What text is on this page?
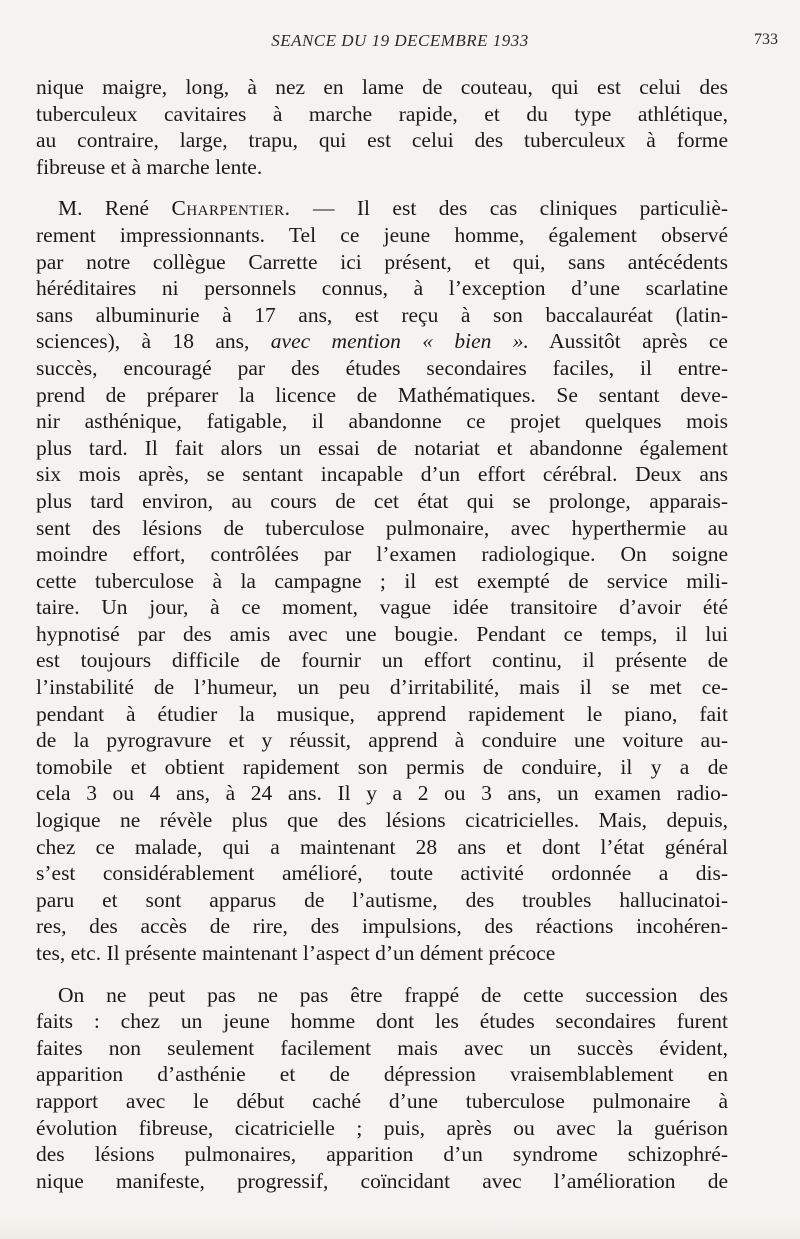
SEANCE DU 19 DECEMBRE 1933	733
nique maigre, long, à nez en lame de couteau, qui est celui des
tuberculeux cavitaires à marche rapide, et du type athlétique,
au contraire, large, trapu, qui est celui des tuberculeux à forme
fibreuse et à marche lente.
M. René Charpentier. — Il est des cas cliniques particuliè-
rement impressionnants. Tel ce jeune homme, également observé
par notre collègue Carrette ici présent, et qui, sans antécédents
héréditaires ni personnels connus, à l’exception d’une scarlatine
sans albuminurie à 17 ans, est reçu à son baccalauréat (latin-
sciences), à 18 ans, avec mention « bien ». Aussitôt après ce
succès, encouragé par des études secondaires faciles, il entre-
prend de préparer la licence de Mathématiques. Se sentant deve-
nir asthénique, fatigable, il abandonne ce projet quelques mois
plus tard. Il fait alors un essai de notariat et abandonne également
six mois après, se sentant incapable d’un effort cérébral. Deux ans
plus tard environ, au cours de cet état qui se prolonge, apparais-
sent des lésions de tuberculose pulmonaire, avec hyperthermie au
moindre effort, contrôlées par l’examen radiologique. On soigne
cette tuberculose à la campagne ; il est exempté de service mili-
taire. Un jour, à ce moment, vague idée transitoire d’avoir été
hypnotisé par des amis avec une bougie. Pendant ce temps, il lui
est toujours difficile de fournir un effort continu, il présente de
l’instabilité de l’humeur, un peu d’irritabilité, mais il se met ce-
pendant à étudier la musique, apprend rapidement le piano, fait
de la pyrogravure et y réussit, apprend à conduire une voiture au-
tomobile et obtient rapidement son permis de conduire, il y a de
cela 3 ou 4 ans, à 24 ans. Il y a 2 ou 3 ans, un examen radio-
logique ne révèle plus que des lésions cicatricielles. Mais, depuis,
chez ce malade, qui a maintenant 28 ans et dont l’état général
s’est considérablement amélioré, toute activité ordonnée a dis-
paru et sont apparus de l’autisme, des troubles hallucinatoi-
res, des accès de rire, des impulsions, des réactions incohéren-
tes, etc. Il présente maintenant l’aspect d’un dément précoce
On ne peut pas ne pas être frappé de cette succession des
faits : chez un jeune homme dont les études secondaires furent
faites non seulement facilement mais avec un succès évident,
apparition d’asthénie et de dépression vraisemblablement en
rapport avec le début caché d’une tuberculose pulmonaire à
évolution fibreuse, cicatricielle ; puis, après ou avec la guérison
des lésions pulmonaires, apparition d’un syndrome schizophré-
nique manifeste, progressif, coïncidant avec l’amélioration de
